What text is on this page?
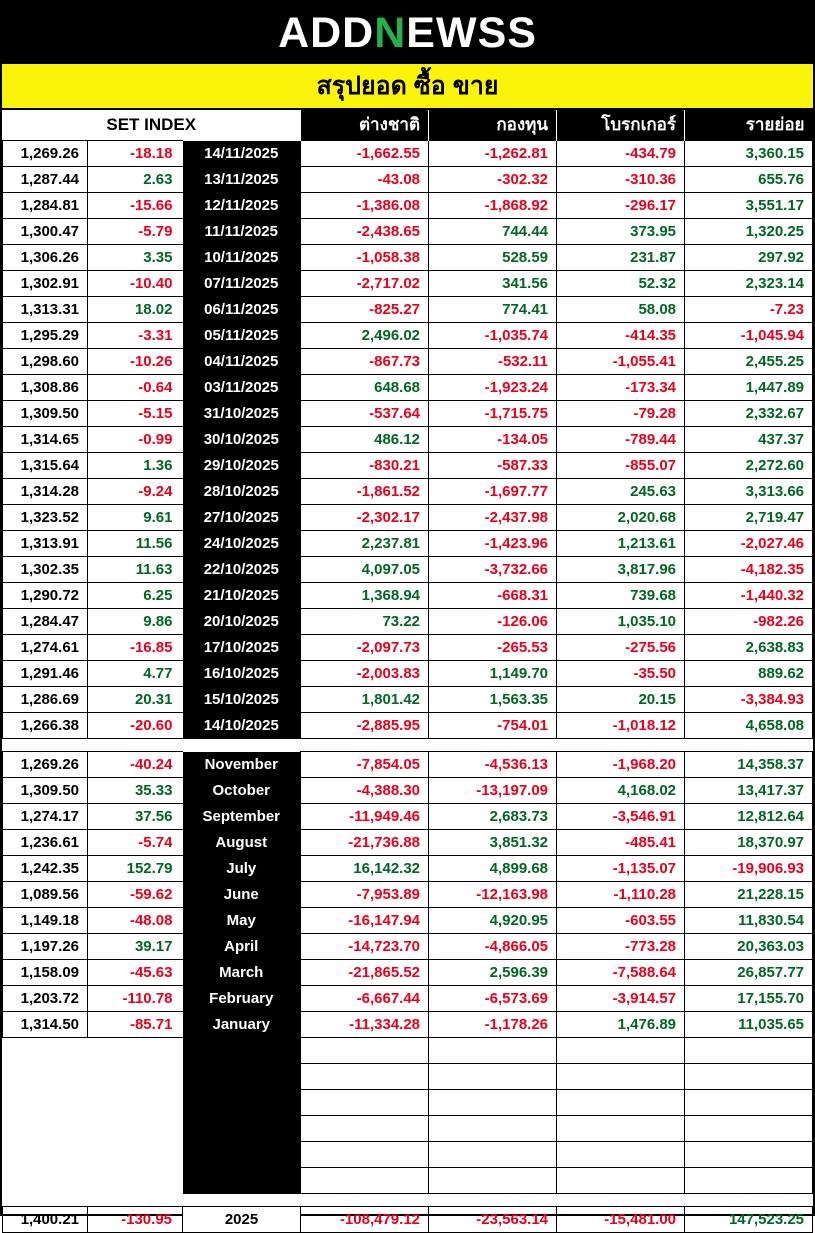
ADDNEWSS
สรุปยอด ซื้อ ขาย
SET INDEX			ต่างชาติ	กองทุน	โบรกเกอร์	รายย่อย
1,269.26	-18.18	14/11/2025	-1,662.55	-1,262.81	-434.79	3,360.15
1,287.44	2.63	13/11/2025	-43.08	-302.32	-310.36	655.76
1,284.81	-15.66	12/11/2025	-1,386.08	-1,868.92	-296.17	3,551.17
1,300.47	-5.79	11/11/2025	-2,438.65	744.44	373.95	1,320.25
1,306.26	3.35	10/11/2025	-1,058.38	528.59	231.87	297.92
1,302.91	-10.40	07/11/2025	-2,717.02	341.56	52.32	2,323.14
1,313.31	18.02	06/11/2025	-825.27	774.41	58.08	-7.23
1,295.29	-3.31	05/11/2025	2,496.02	-1,035.74	-414.35	-1,045.94
1,298.60	-10.26	04/11/2025	-867.73	-532.11	-1,055.41	2,455.25
1,308.86	-0.64	03/11/2025	648.68	-1,923.24	-173.34	1,447.89
1,309.50	-5.15	31/10/2025	-537.64	-1,715.75	-79.28	2,332.67
1,314.65	-0.99	30/10/2025	486.12	-134.05	-789.44	437.37
1,315.64	1.36	29/10/2025	-830.21	-587.33	-855.07	2,272.60
1,314.28	-9.24	28/10/2025	-1,861.52	-1,697.77	245.63	3,313.66
1,323.52	9.61	27/10/2025	-2,302.17	-2,437.98	2,020.68	2,719.47
1,313.91	11.56	24/10/2025	2,237.81	-1,423.96	1,213.61	-2,027.46
1,302.35	11.63	22/10/2025	4,097.05	-3,732.66	3,817.96	-4,182.35
1,290.72	6.25	21/10/2025	1,368.94	-668.31	739.68	-1,440.32
1,284.47	9.86	20/10/2025	73.22	-126.06	1,035.10	-982.26
1,274.61	-16.85	17/10/2025	-2,097.73	-265.53	-275.56	2,638.83
1,291.46	4.77	16/10/2025	-2,003.83	1,149.70	-35.50	889.62
1,286.69	20.31	15/10/2025	1,801.42	1,563.35	20.15	-3,384.93
1,266.38	-20.60	14/10/2025	-2,885.95	-754.01	-1,018.12	4,658.08

1,269.26	-40.24	November	-7,854.05	-4,536.13	-1,968.20	14,358.37
1,309.50	35.33	October	-4,388.30	-13,197.09	4,168.02	13,417.37
1,274.17	37.56	September	-11,949.46	2,683.73	-3,546.91	12,812.64
1,236.61	-5.74	August	-21,736.88	3,851.32	-485.41	18,370.97
1,242.35	152.79	July	16,142.32	4,899.68	-1,135.07	-19,906.93
1,089.56	-59.62	June	-7,953.89	-12,163.98	-1,110.28	21,228.15
1,149.18	-48.08	May	-16,147.94	4,920.95	-603.55	11,830.54
1,197.26	39.17	April	-14,723.70	-4,866.05	-773.28	20,363.03
1,158.09	-45.63	March	-21,865.52	2,596.39	-7,588.64	26,857.77
1,203.72	-110.78	February	-6,667.44	-6,573.69	-3,914.57	17,155.70
1,314.50	-85.71	January	-11,334.28	-1,178.26	1,476.89	11,035.65

1,400.21	-130.95	2025	-108,479.12	-23,563.14	-15,481.00	147,523.25
